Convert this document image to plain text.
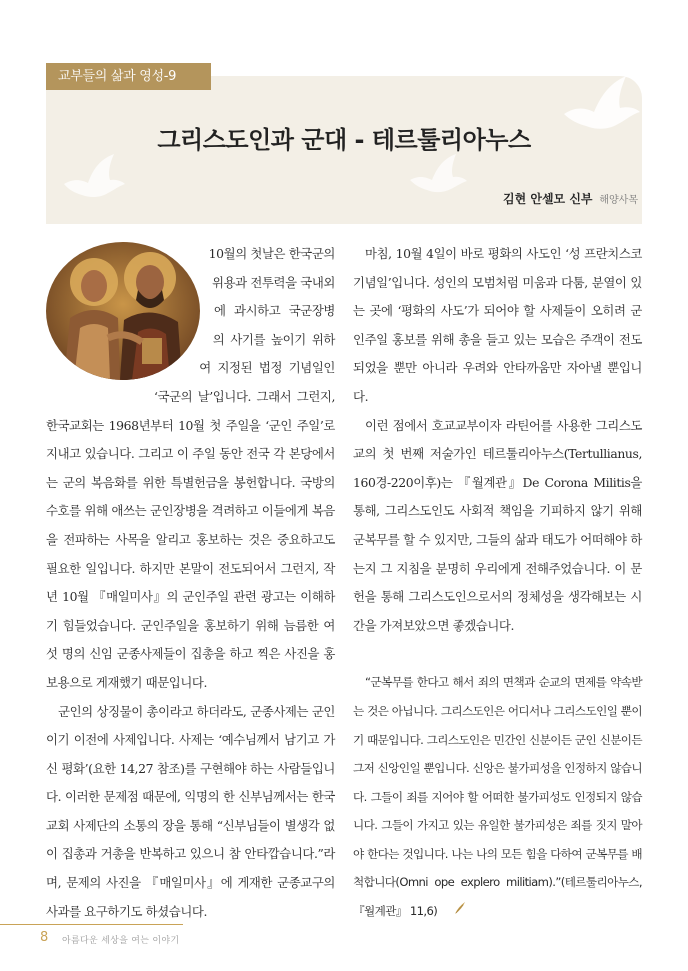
교부들의 삶과 영성-9
그리스도인과 군대 - 테르툴리아누스
김현 안셀모 신부 해양사목

10월의 첫날은 한국군의 위용과 전투력을 국내외에 과시하고 국군장병의 사기를 높이기 위하여 지정된 법정 기념일인 ‘국군의 날’입니다. 그래서 그런지, 한국교회는 1968년부터 10월 첫 주일을 ‘군인 주일’로 지내고 있습니다. 그리고 이 주일 동안 전국 각 본당에서는 군의 복음화를 위한 특별헌금을 봉헌합니다. 국방의 수호를 위해 애쓰는 군인장병을 격려하고 이들에게 복음을 전파하는 사목을 알리고 홍보하는 것은 중요하고도 필요한 일입니다. 하지만 본말이 전도되어서 그런지, 작년 10월 『매일미사』의 군인주일 관련 광고는 이해하기 힘들었습니다. 군인주일을 홍보하기 위해 늠름한 여섯 명의 신임 군종사제들이 집총을 하고 찍은 사진을 홍보용으로 게재했기 때문입니다.

군인의 상징물이 총이라고 하더라도, 군종사제는 군인이기 이전에 사제입니다. 사제는 ‘예수님께서 남기고 가신 평화’(요한 14,27 참조)를 구현해야 하는 사람들입니다. 이러한 문제점 때문에, 익명의 한 신부님께서는 한국교회 사제단의 소통의 장을 통해 “신부님들이 별생각 없이 집총과 거총을 반복하고 있으니 참 안타깝습니다.”라며, 문제의 사진을 『매일미사』에 게재한 군종교구의 사과를 요구하기도 하셨습니다.

마침, 10월 4일이 바로 평화의 사도인 ‘성 프란치스코 기념일’입니다. 성인의 모범처럼 미움과 다툼, 분열이 있는 곳에 ‘평화의 사도’가 되어야 할 사제들이 오히려 군인주일 홍보를 위해 총을 들고 있는 모습은 주객이 전도되었을 뿐만 아니라 우려와 안타까움만 자아낼 뿐입니다.

이런 점에서 호교교부이자 라틴어를 사용한 그리스도교의 첫 번째 저술가인 테르툴리아누스(Tertullianus, 160경-220이후)는 『월계관』De Corona Militis을 통해, 그리스도인도 사회적 책임을 기피하지 않기 위해 군복무를 할 수 있지만, 그들의 삶과 태도가 어떠해야 하는지 그 지침을 분명히 우리에게 전해주었습니다. 이 문헌을 통해 그리스도인으로서의 정체성을 생각해보는 시간을 가져보았으면 좋겠습니다.

“군복무를 한다고 해서 죄의 면책과 순교의 면제를 약속받는 것은 아닙니다. 그리스도인은 어디서나 그리스도인일 뿐이기 때문입니다. 그리스도인은 민간인 신분이든 군인 신분이든 그저 신앙인일 뿐입니다. 신앙은 불가피성을 인정하지 않습니다. 그들이 죄를 지어야 할 어떠한 불가피성도 인정되지 않습니다. 그들이 가지고 있는 유일한 불가피성은 죄를 짓지 말아야 한다는 것입니다. 나는 나의 모든 힘을 다하여 군복무를 배척합니다(Omni ope explero militiam).”(테르툴리아누스, 『월계관』 11,6)

8 아름다운 세상을 여는 이야기
